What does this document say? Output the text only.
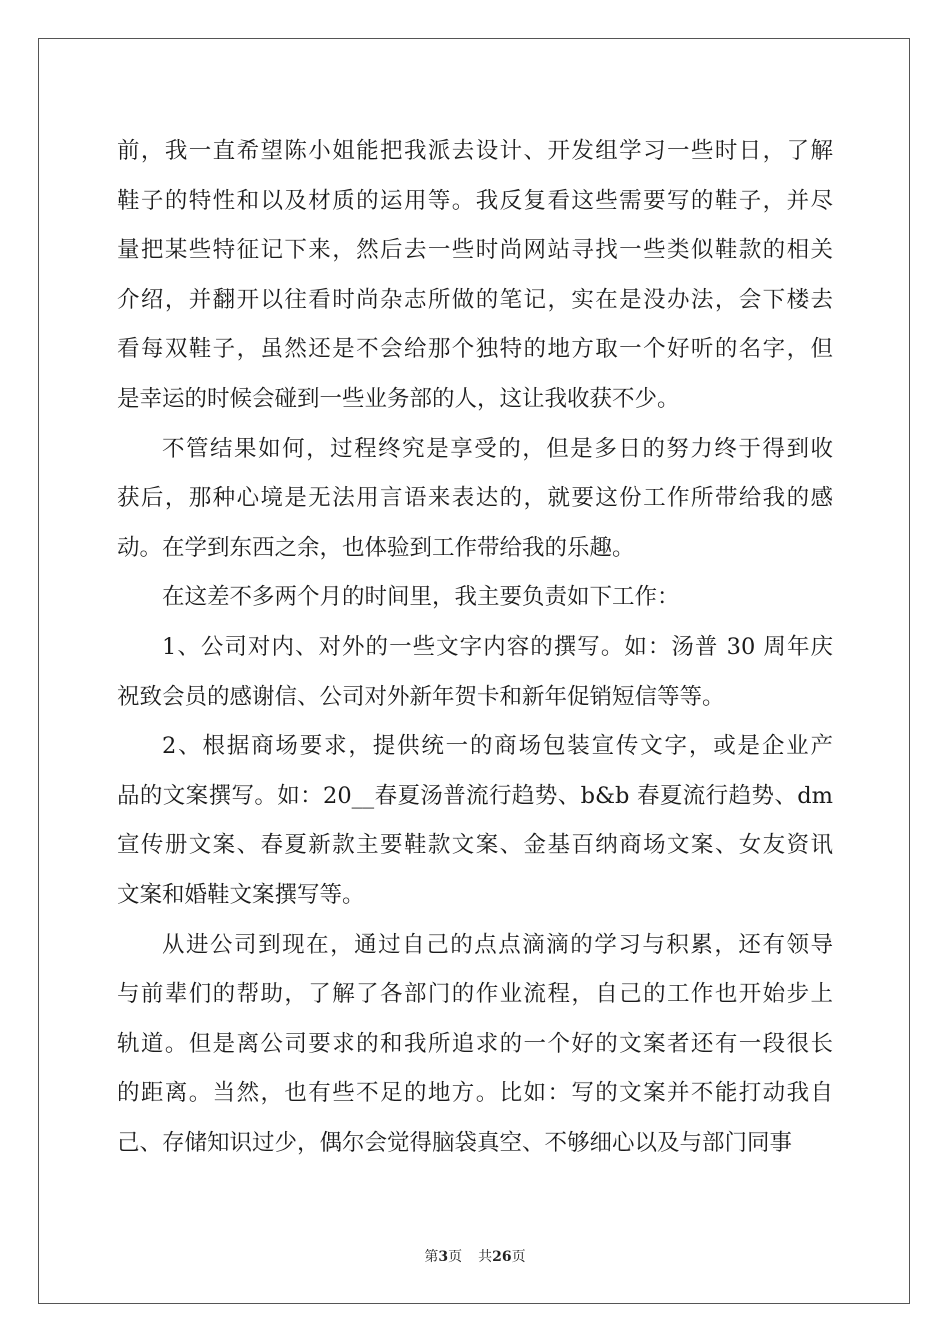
前，我一直希望陈小姐能把我派去设计、开发组学习一些时日，了解
鞋子的特性和以及材质的运用等。我反复看这些需要写的鞋子，并尽
量把某些特征记下来，然后去一些时尚网站寻找一些类似鞋款的相关
介绍，并翻开以往看时尚杂志所做的笔记，实在是没办法，会下楼去
看每双鞋子，虽然还是不会给那个独特的地方取一个好听的名字，但
是幸运的时候会碰到一些业务部的人，这让我收获不少。
不管结果如何，过程终究是享受的，但是多日的努力终于得到收
获后，那种心境是无法用言语来表达的，就要这份工作所带给我的感
动。在学到东西之余，也体验到工作带给我的乐趣。
在这差不多两个月的时间里，我主要负责如下工作：
1、公司对内、对外的一些文字内容的撰写。如：汤普 30 周年庆
祝致会员的感谢信、公司对外新年贺卡和新年促销短信等等。
2、根据商场要求，提供统一的商场包装宣传文字，或是企业产
品的文案撰写。如：20__春夏汤普流行趋势、b&b 春夏流行趋势、dm
宣传册文案、春夏新款主要鞋款文案、金基百纳商场文案、女友资讯
文案和婚鞋文案撰写等。
从进公司到现在，通过自己的点点滴滴的学习与积累，还有领导
与前辈们的帮助，了解了各部门的作业流程，自己的工作也开始步上
轨道。但是离公司要求的和我所追求的一个好的文案者还有一段很长
的距离。当然，也有些不足的地方。比如：写的文案并不能打动我自
己、存储知识过少，偶尔会觉得脑袋真空、不够细心以及与部门同事
第3页 共26页
